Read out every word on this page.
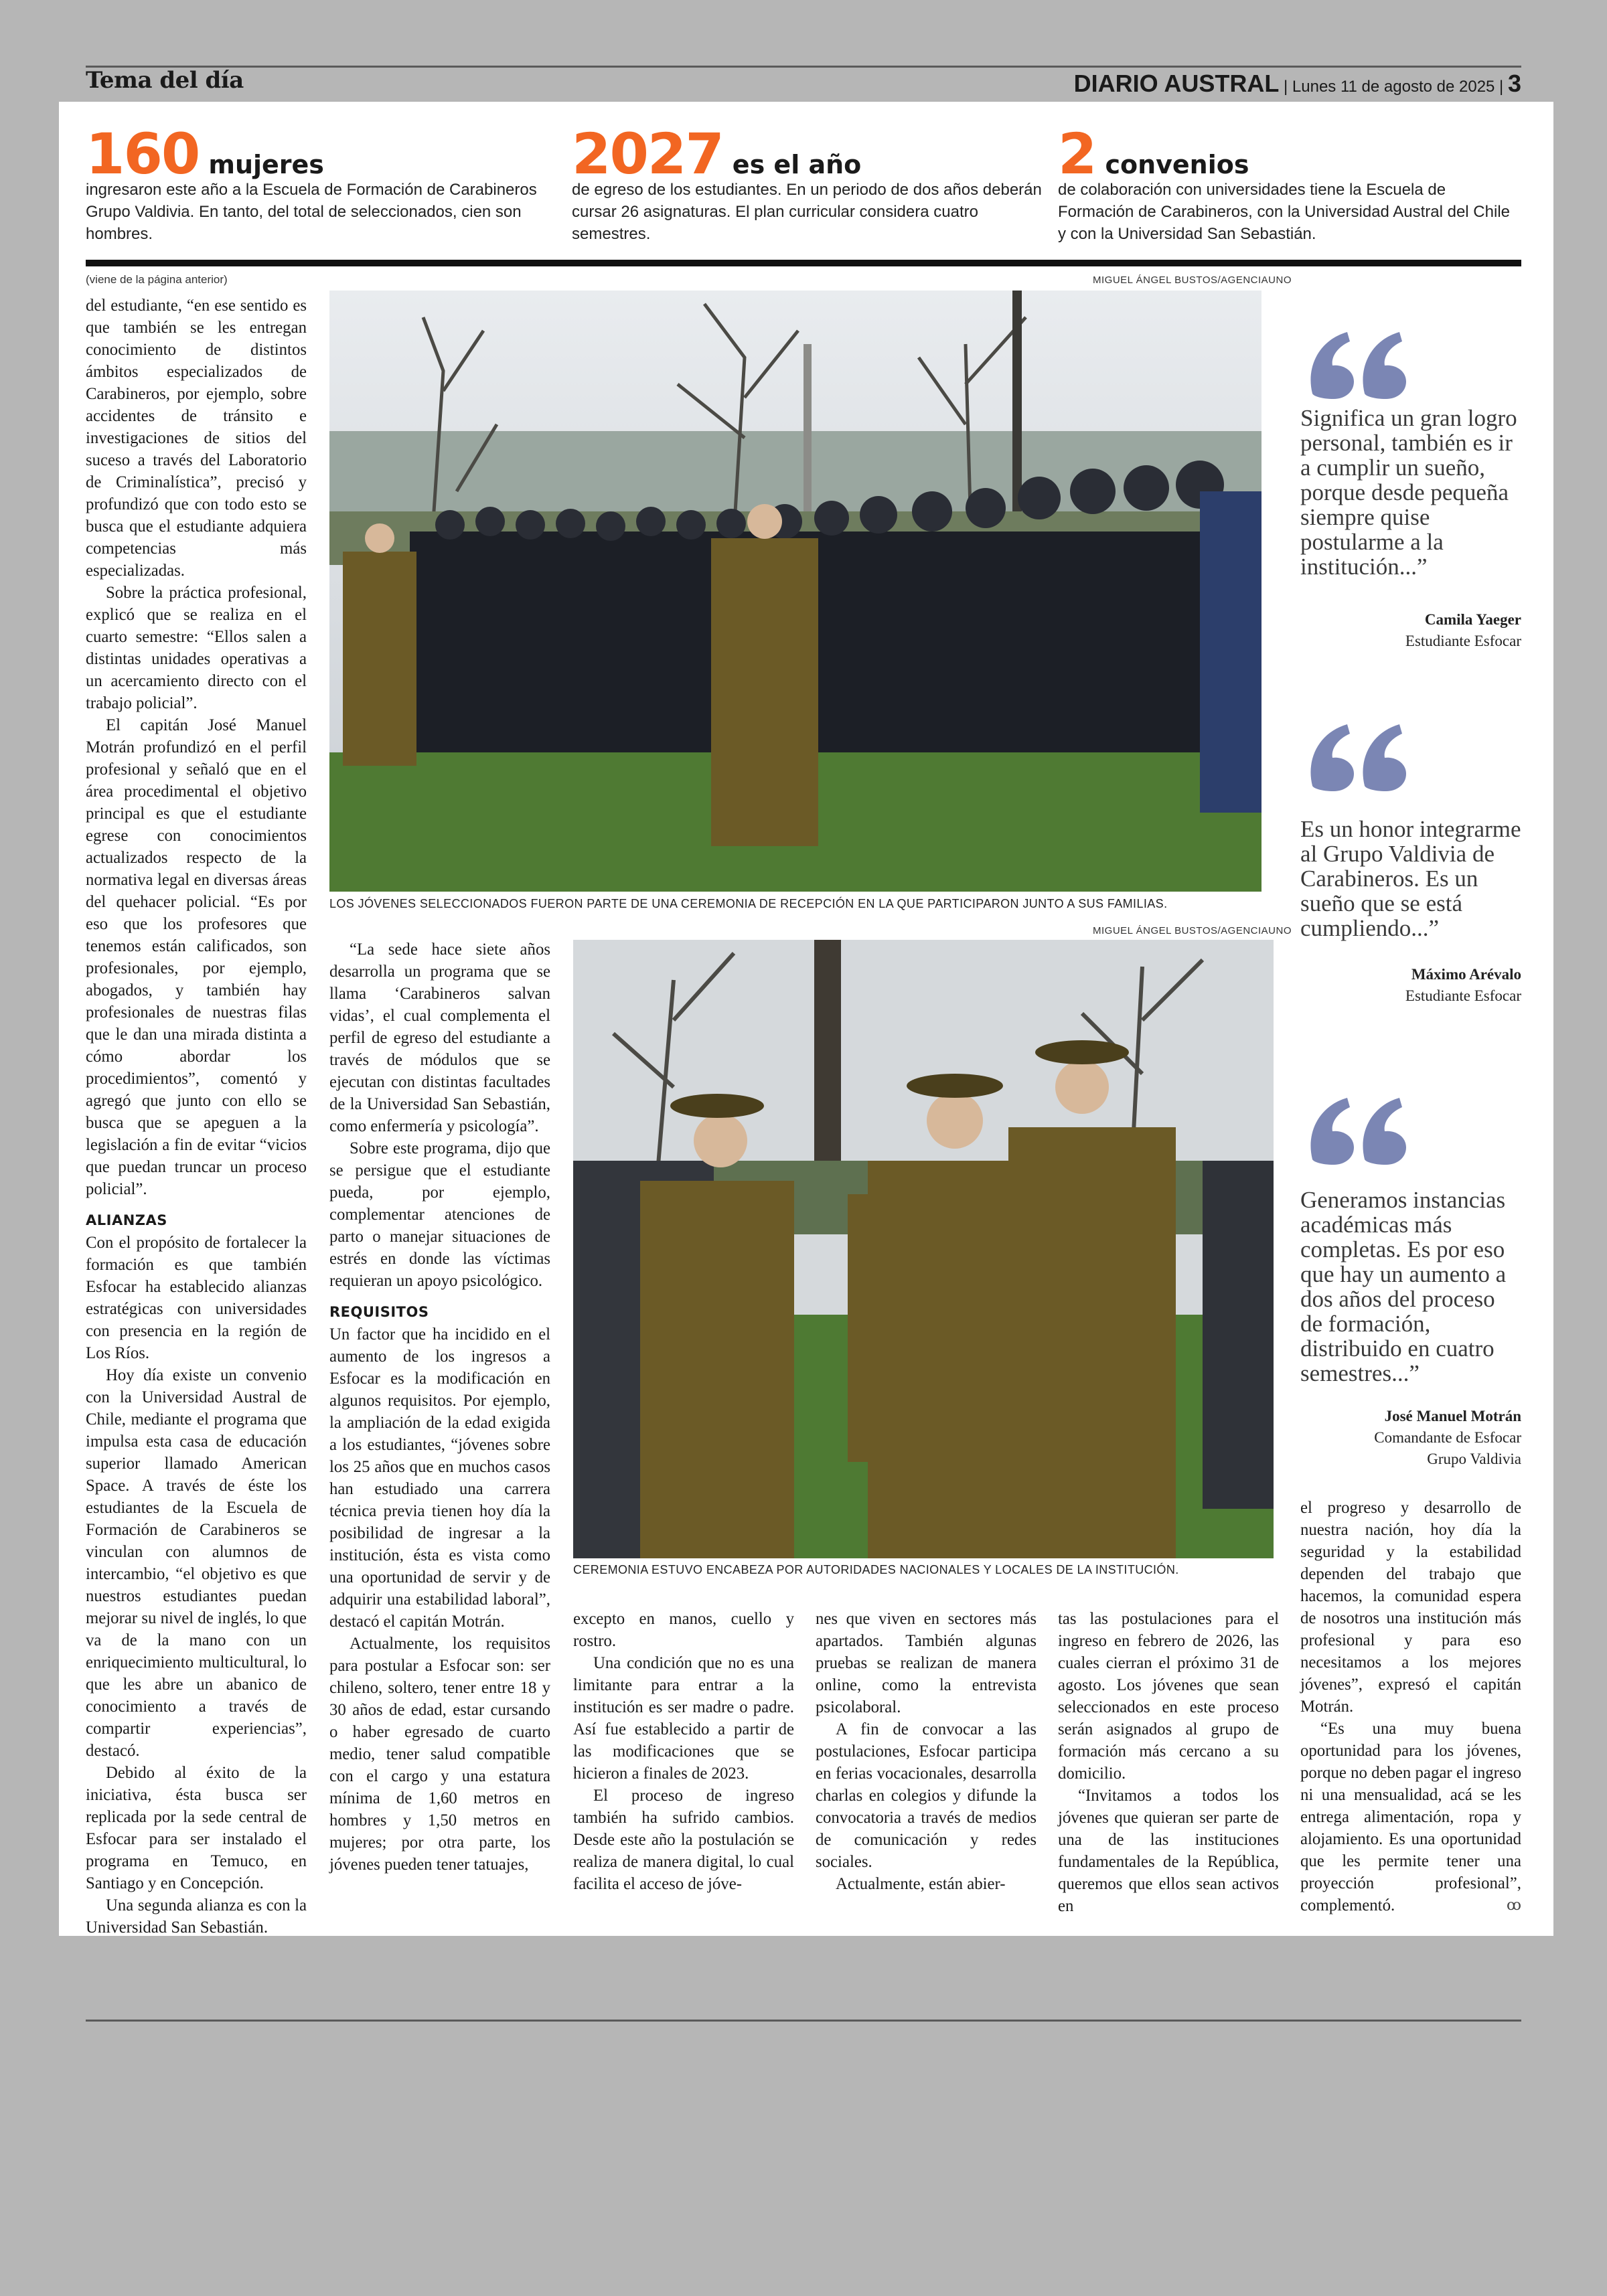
Tema del día	DIARIO AUSTRAL | Lunes 11 de agosto de 2025 | 3
160 mujeres
ingresaron este año a la Escuela de Formación de Carabineros Grupo Valdivia. En tanto, del total de seleccionados, cien son hombres.
2027 es el año
de egreso de los estudiantes. En un periodo de dos años deberán cursar 26 asignaturas. El plan curricular considera cuatro semestres.
2 convenios
de colaboración con universidades tiene la Escuela de Formación de Carabineros, con la Universidad Austral del Chile y con la Universidad San Sebastián.
(viene de la página anterior)	MIGUEL ÁNGEL BUSTOS/AGENCIAUNO
LOS JÓVENES SELECCIONADOS FUERON PARTE DE UNA CEREMONIA DE RECEPCIÓN EN LA QUE PARTICIPARON JUNTO A SUS FAMILIAS.
MIGUEL ÁNGEL BUSTOS/AGENCIAUNO
CEREMONIA ESTUVO ENCABEZA POR AUTORIDADES NACIONALES Y LOCALES DE LA INSTITUCIÓN.

del estudiante, “en ese sentido es que también se les entregan conocimiento de distintos ámbitos especializados de Carabineros, por ejemplo, sobre accidentes de tránsito e investigaciones de sitios del suceso a través del Laboratorio de Criminalística”, precisó y profundizó que con todo esto se busca que el estudiante adquiera competencias más especializadas.

Sobre la práctica profesional, explicó que se realiza en el cuarto semestre: “Ellos salen a distintas unidades operativas a un acercamiento directo con el trabajo policial”.

El capitán José Manuel Motrán profundizó en el perfil profesional y señaló que en el área procedimental el objetivo principal es que el estudiante egrese con conocimientos actualizados respecto de la normativa legal en diversas áreas del quehacer policial. “Es por eso que los profesores que tenemos están calificados, son profesionales, por ejemplo, abogados, y también hay profesionales de nuestras filas que le dan una mirada distinta a cómo abordar los procedimientos”, comentó y agregó que junto con ello se busca que se apeguen a la legislación a fin de evitar “vicios que puedan truncar un proceso policial”.

ALIANZAS

Con el propósito de fortalecer la formación es que también Esfocar ha establecido alianzas estratégicas con universidades con presencia en la región de Los Ríos.

Hoy día existe un convenio con la Universidad Austral de Chile, mediante el programa que impulsa esta casa de educación superior llamado American Space. A través de éste los estudiantes de la Escuela de Formación de Carabineros se vinculan con alumnos de intercambio, “el objetivo es que nuestros estudiantes puedan mejorar su nivel de inglés, lo que va de la mano con un enriquecimiento multicultural, lo que les abre un abanico de conocimiento a través de compartir experiencias”, destacó.

Debido al éxito de la iniciativa, ésta busca ser replicada por la sede central de Esfocar para ser instalado el programa en Temuco, en Santiago y en Concepción.

Una segunda alianza es con la Universidad San Sebastián.

“La sede hace siete años desarrolla un programa que se llama ‘Carabineros salvan vidas’, el cual complementa el perfil de egreso del estudiante a través de módulos que se ejecutan con distintas facultades de la Universidad San Sebastián, como enfermería y psicología”.

Sobre este programa, dijo que se persigue que el estudiante pueda, por ejemplo, complementar atenciones de parto o manejar situaciones de estrés en donde las víctimas requieran un apoyo psicológico.

REQUISITOS

Un factor que ha incidido en el aumento de los ingresos a Esfocar es la modificación en algunos requisitos. Por ejemplo, la ampliación de la edad exigida a los estudiantes, “jóvenes sobre los 25 años que en muchos casos han estudiado una carrera técnica previa tienen hoy día la posibilidad de ingresar a la institución, ésta es vista como una oportunidad de servir y de adquirir una estabilidad laboral”, destacó el capitán Motrán.

Actualmente, los requisitos para postular a Esfocar son: ser chileno, soltero, tener entre 18 y 30 años de edad, estar cursando o haber egresado de cuarto medio, tener salud compatible con el cargo y una estatura mínima de 1,60 metros en hombres y 1,50 metros en mujeres; por otra parte, los jóvenes pueden tener tatuajes,

excepto en manos, cuello y rostro.

Una condición que no es una limitante para entrar a la institución es ser madre o padre. Así fue establecido a partir de las modificaciones que se hicieron a finales de 2023.

El proceso de ingreso también ha sufrido cambios. Desde este año la postulación se realiza de manera digital, lo cual facilita el acceso de jóve-

nes que viven en sectores más apartados. También algunas pruebas se realizan de manera online, como la entrevista psicolaboral.

A fin de convocar a las postulaciones, Esfocar participa en ferias vocacionales, desarrolla charlas en colegios y difunde la convocatoria a través de medios de comunicación y redes sociales.

Actualmente, están abier-

tas las postulaciones para el ingreso en febrero de 2026, las cuales cierran el próximo 31 de agosto. Los jóvenes que sean seleccionados en este proceso serán asignados al grupo de formación más cercano a su domicilio.

“Invitamos a todos los jóvenes que quieran ser parte de una de las instituciones fundamentales de la República, queremos que ellos sean activos en

el progreso y desarrollo de nuestra nación, hoy día la seguridad y la estabilidad dependen del trabajo que hacemos, la comunidad espera de nosotros una institución más profesional y para eso necesitamos a los mejores jóvenes”, expresó el capitán Motrán.

“Es una muy buena oportunidad para los jóvenes, porque no deben pagar el ingreso ni una mensualidad, acá se les entrega alimentación, ropa y alojamiento. Es una oportunidad que les permite tener una proyección profesional”, complementó.	ꝏ

Significa un gran logro personal, también es ir a cumplir un sueño, porque desde pequeña siempre quise postularme a la institución...”
Camila Yaeger
Estudiante Esfocar
Es un honor integrarme al Grupo Valdivia de Carabineros. Es un sueño que se está cumpliendo...”
Máximo Arévalo
Estudiante Esfocar
Generamos instancias académicas más completas. Es por eso que hay un aumento a dos años del proceso de formación, distribuido en cuatro semestres...”
José Manuel Motrán
Comandante de Esfocar Grupo Valdivia
